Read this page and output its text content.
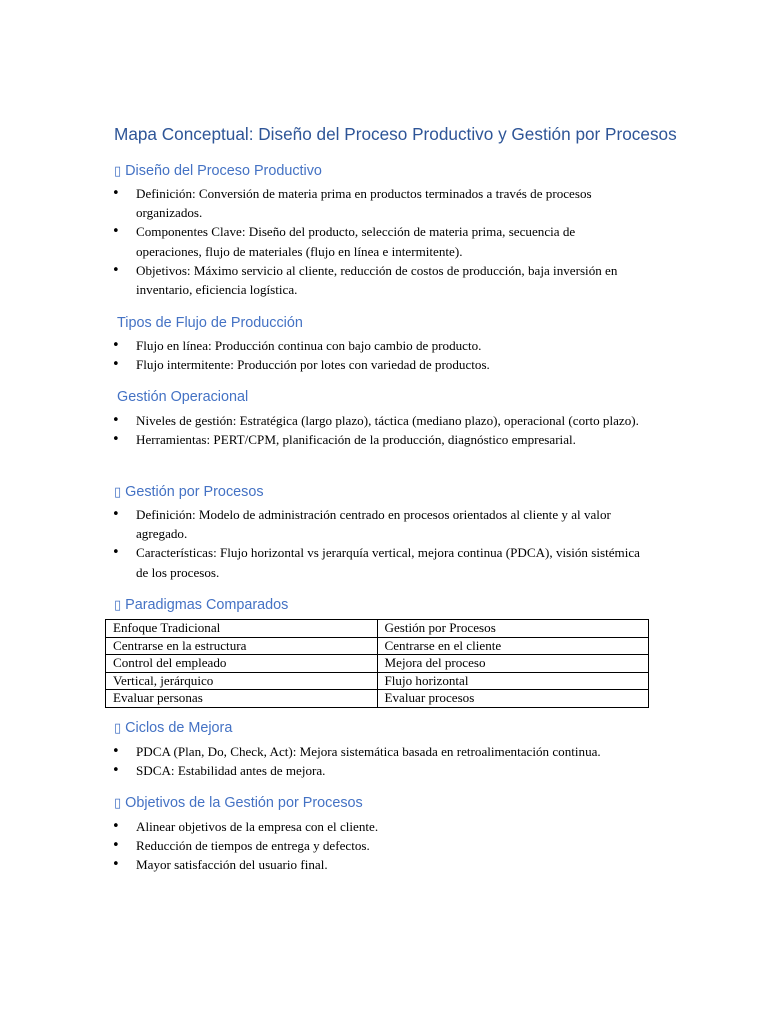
Mapa Conceptual: Diseño del Proceso Productivo y Gestión por Procesos
▯ Diseño del Proceso Productivo
• Definición: Conversión de materia prima en productos terminados a través de procesos organizados.
• Componentes Clave: Diseño del producto, selección de materia prima, secuencia de operaciones, flujo de materiales (flujo en línea e intermitente).
• Objetivos: Máximo servicio al cliente, reducción de costos de producción, baja inversión en inventario, eficiencia logística.
Tipos de Flujo de Producción
• Flujo en línea: Producción continua con bajo cambio de producto.
• Flujo intermitente: Producción por lotes con variedad de productos.
Gestión Operacional
• Niveles de gestión: Estratégica (largo plazo), táctica (mediano plazo), operacional (corto plazo).
• Herramientas: PERT/CPM, planificación de la producción, diagnóstico empresarial.
▯ Gestión por Procesos
• Definición: Modelo de administración centrado en procesos orientados al cliente y al valor agregado.
• Características: Flujo horizontal vs jerarquía vertical, mejora continua (PDCA), visión sistémica de los procesos.
▯ Paradigmas Comparados
Enfoque Tradicional	Gestión por Procesos
Centrarse en la estructura	Centrarse en el cliente
Control del empleado	Mejora del proceso
Vertical, jerárquico	Flujo horizontal
Evaluar personas	Evaluar procesos
▯ Ciclos de Mejora
• PDCA (Plan, Do, Check, Act): Mejora sistemática basada en retroalimentación continua.
• SDCA: Estabilidad antes de mejora.
▯ Objetivos de la Gestión por Procesos
• Alinear objetivos de la empresa con el cliente.
• Reducción de tiempos de entrega y defectos.
• Mayor satisfacción del usuario final.
